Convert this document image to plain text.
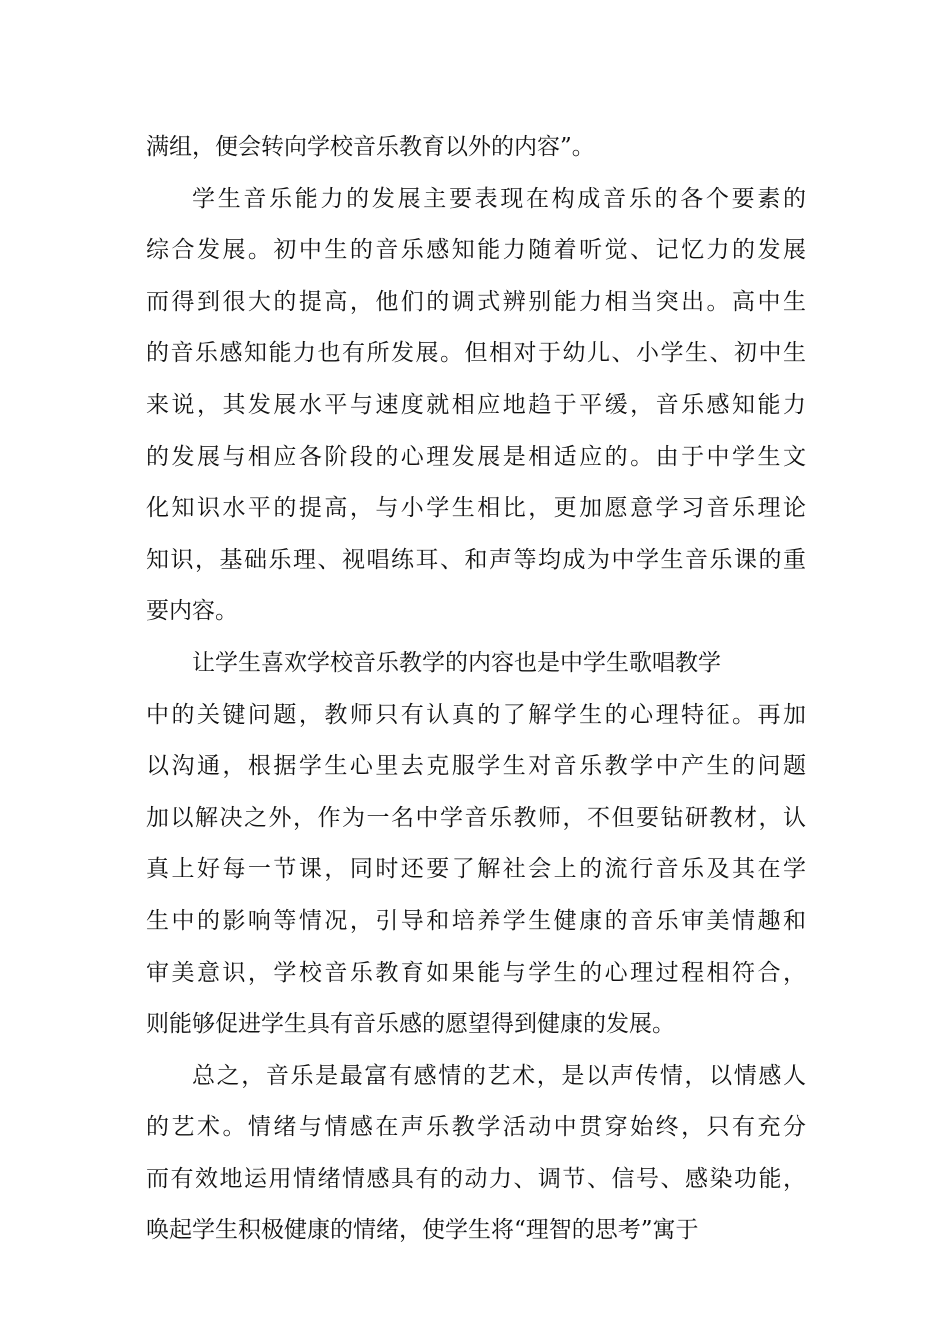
满组，便会转向学校音乐教育以外的内容”。
学生音乐能力的发展主要表现在构成音乐的各个要素的
综合发展。初中生的音乐感知能力随着听觉、记忆力的发展
而得到很大的提高，他们的调式辨别能力相当突出。高中生
的音乐感知能力也有所发展。但相对于幼儿、小学生、初中生
来说，其发展水平与速度就相应地趋于平缓，音乐感知能力
的发展与相应各阶段的心理发展是相适应的。由于中学生文
化知识水平的提高，与小学生相比，更加愿意学习音乐理论
知识，基础乐理、视唱练耳、和声等均成为中学生音乐课的重
要内容。
让学生喜欢学校音乐教学的内容也是中学生歌唱教学
中的关键问题，教师只有认真的了解学生的心理特征。再加
以沟通，根据学生心里去克服学生对音乐教学中产生的问题
加以解决之外，作为一名中学音乐教师，不但要钻研教材，认
真上好每一节课，同时还要了解社会上的流行音乐及其在学
生中的影响等情况，引导和培养学生健康的音乐审美情趣和
审美意识，学校音乐教育如果能与学生的心理过程相符合，
则能够促进学生具有音乐感的愿望得到健康的发展。
总之，音乐是最富有感情的艺术，是以声传情，以情感人
的艺术。情绪与情感在声乐教学活动中贯穿始终，只有充分
而有效地运用情绪情感具有的动力、调节、信号、感染功能，
唤起学生积极健康的情绪，使学生将“理智的思考”寓于
